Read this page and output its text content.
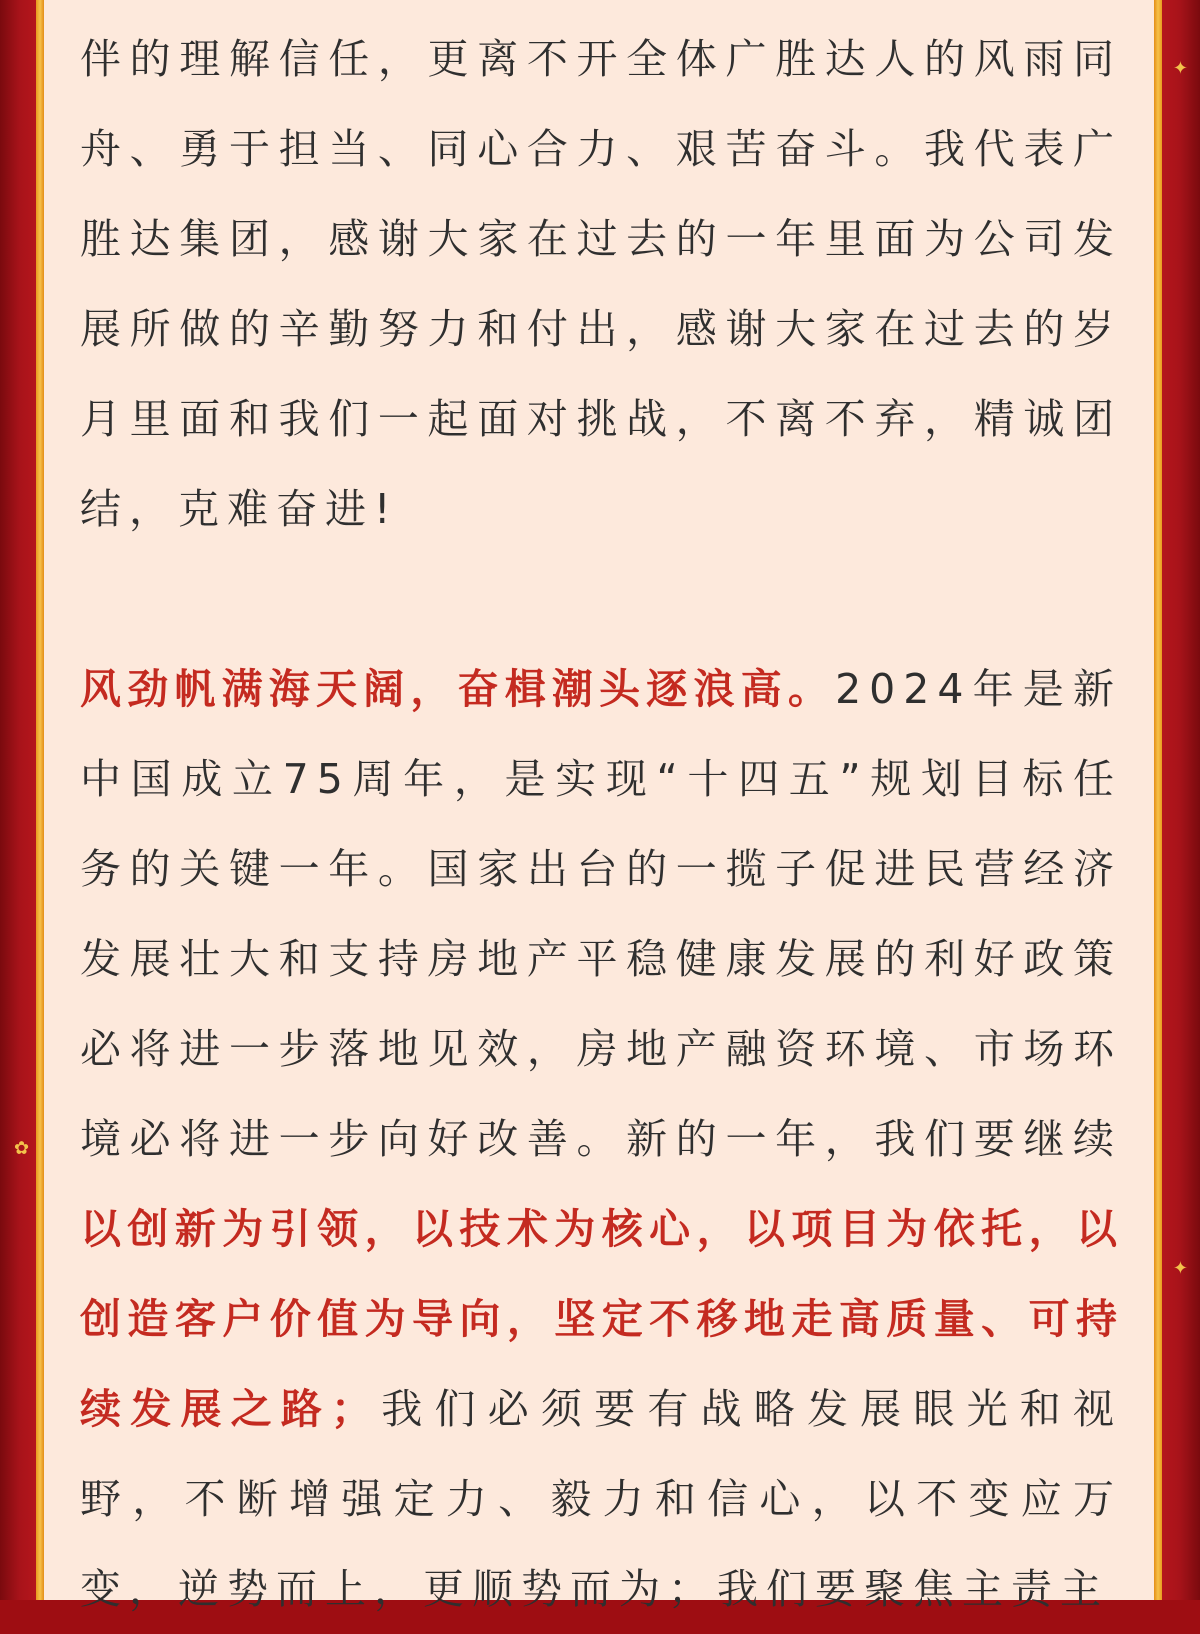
✿
✦
✦

伴的理解信任，更离不开全体广胜达人的风雨同舟、勇于担当、同心合力、艰苦奋斗。我代表广胜达集团，感谢大家在过去的一年里面为公司发展所做的辛勤努力和付出，感谢大家在过去的岁月里面和我们一起面对挑战，不离不弃，精诚团结，克难奋进!

风劲帆满海天阔，奋楫潮头逐浪高。2024年是新中国成立75周年，是实现“十四五”规划目标任务的关键一年。国家出台的一揽子促进民营经济发展壮大和支持房地产平稳健康发展的利好政策必将进一步落地见效，房地产融资环境、市场环境必将进一步向好改善。新的一年，我们要继续以创新为引领，以技术为核心，以项目为依托，以创造客户价值为导向，坚定不移地走高质量、可持续发展之路；我们必须要有战略发展眼光和视野，不断增强定力、毅力和信心，以不变应万变，逆势而上，更顺势而为；我们要聚焦主责主
